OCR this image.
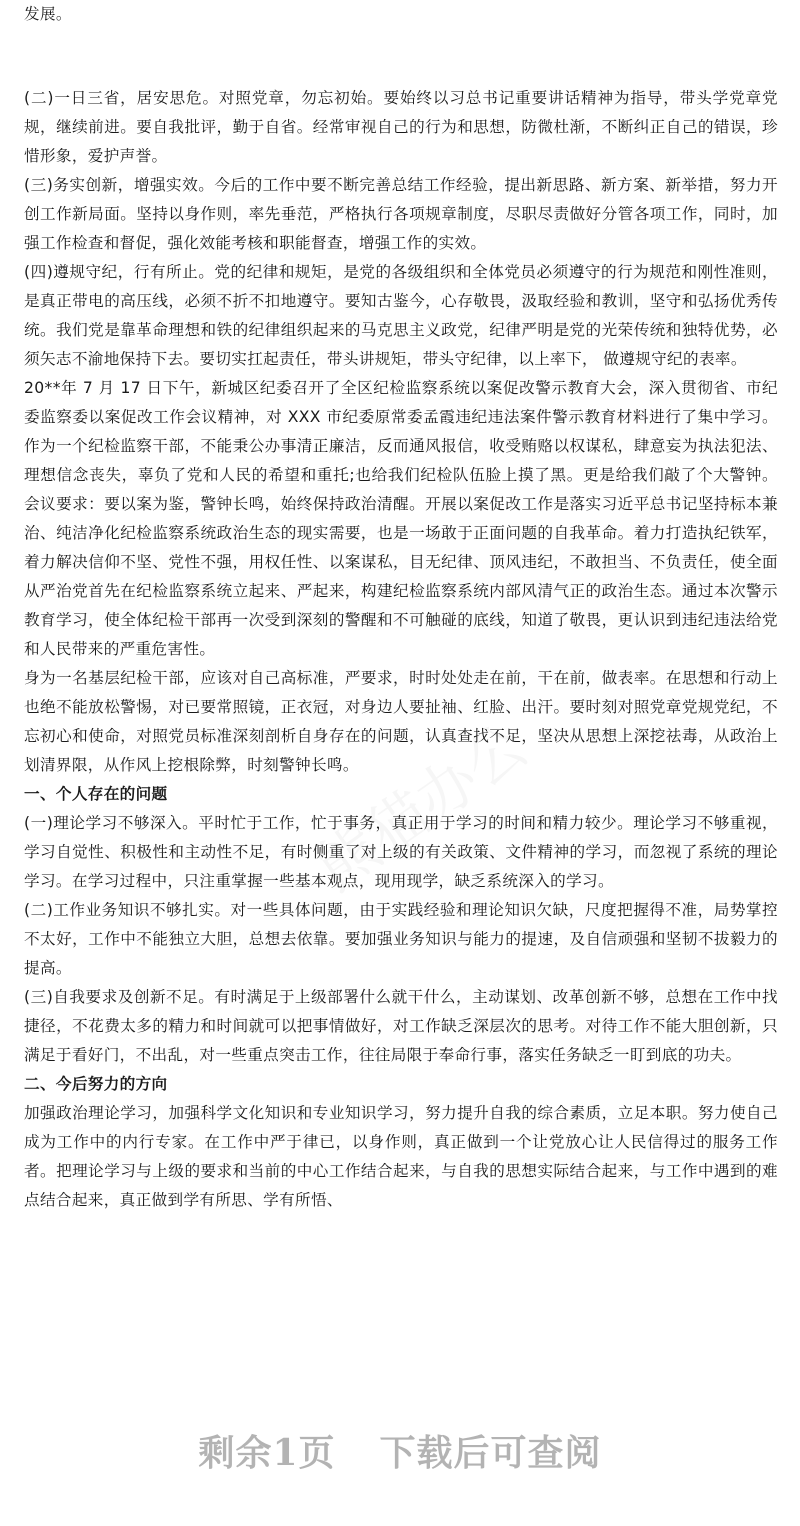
发展。

(二)一日三省，居安思危。对照党章，勿忘初始。要始终以习总书记重要讲话精神为指导，带头学党章党规，继续前进。要自我批评，勤于自省。经常审视自己的行为和思想，防微杜渐，不断纠正自己的错误，珍惜形象，爱护声誉。

(三)务实创新，增强实效。今后的工作中要不断完善总结工作经验，提出新思路、新方案、新举措，努力开创工作新局面。坚持以身作则，率先垂范，严格执行各项规章制度，尽职尽责做好分管各项工作，同时，加强工作检查和督促，强化效能考核和职能督查，增强工作的实效。

(四)遵规守纪，行有所止。党的纪律和规矩，是党的各级组织和全体党员必须遵守的行为规范和刚性准则，是真正带电的高压线，必须不折不扣地遵守。要知古鉴今，心存敬畏，汲取经验和教训，坚守和弘扬优秀传统。我们党是靠革命理想和铁的纪律组织起来的马克思主义政党，纪律严明是党的光荣传统和独特优势，必须矢志不渝地保持下去。要切实扛起责任，带头讲规矩，带头守纪律，以上率下， 做遵规守纪的表率。

20**年 7 月 17 日下午，新城区纪委召开了全区纪检监察系统以案促改警示教育大会，深入贯彻省、市纪委监察委以案促改工作会议精神，对 XXX 市纪委原常委孟霞违纪违法案件警示教育材料进行了集中学习。作为一个纪检监察干部，不能秉公办事清正廉洁，反而通风报信，收受贿赂以权谋私，肆意妄为执法犯法、理想信念丧失，辜负了党和人民的希望和重托;也给我们纪检队伍脸上摸了黑。更是给我们敲了个大警钟。会议要求：要以案为鉴，警钟长鸣，始终保持政治清醒。开展以案促改工作是落实习近平总书记坚持标本兼治、纯洁净化纪检监察系统政治生态的现实需要，也是一场敢于正面问题的自我革命。着力打造执纪铁军，着力解决信仰不坚、党性不强，用权任性、以案谋私，目无纪律、顶风违纪，不敢担当、不负责任，使全面从严治党首先在纪检监察系统立起来、严起来，构建纪检监察系统内部风清气正的政治生态。通过本次警示教育学习，使全体纪检干部再一次受到深刻的警醒和不可触碰的底线，知道了敬畏，更认识到违纪违法给党和人民带来的严重危害性。

身为一名基层纪检干部，应该对自己高标准，严要求，时时处处走在前，干在前，做表率。在思想和行动上也绝不能放松警惕，对已要常照镜，正衣冠，对身边人要扯袖、红脸、出汗。要时刻对照党章党规党纪，不忘初心和使命，对照党员标准深刻剖析自身存在的问题，认真查找不足，坚决从思想上深挖祛毒，从政治上划清界限，从作风上挖根除弊，时刻警钟长鸣。

一、个人存在的问题

(一)理论学习不够深入。平时忙于工作，忙于事务，真正用于学习的时间和精力较少。理论学习不够重视，学习自觉性、积极性和主动性不足，有时侧重了对上级的有关政策、文件精神的学习，而忽视了系统的理论学习。在学习过程中，只注重掌握一些基本观点，现用现学，缺乏系统深入的学习。

(二)工作业务知识不够扎实。对一些具体问题，由于实践经验和理论知识欠缺，尺度把握得不准，局势掌控不太好，工作中不能独立大胆，总想去依靠。要加强业务知识与能力的提速，及自信顽强和坚韧不拔毅力的提高。

(三)自我要求及创新不足。有时满足于上级部署什么就干什么，主动谋划、改革创新不够，总想在工作中找捷径，不花费太多的精力和时间就可以把事情做好，对工作缺乏深层次的思考。对待工作不能大胆创新，只满足于看好门，不出乱，对一些重点突击工作，往往局限于奉命行事，落实任务缺乏一盯到底的功夫。

二、今后努力的方向

加强政治理论学习，加强科学文化知识和专业知识学习，努力提升自我的综合素质，立足本职。努力使自己成为工作中的内行专家。在工作中严于律已，以身作则，真正做到一个让党放心让人民信得过的服务工作者。把理论学习与上级的要求和当前的中心工作结合起来，与自我的思想实际结合起来，与工作中遇到的难点结合起来，真正做到学有所思、学有所悟、

剩余1页 下载后可查阅
